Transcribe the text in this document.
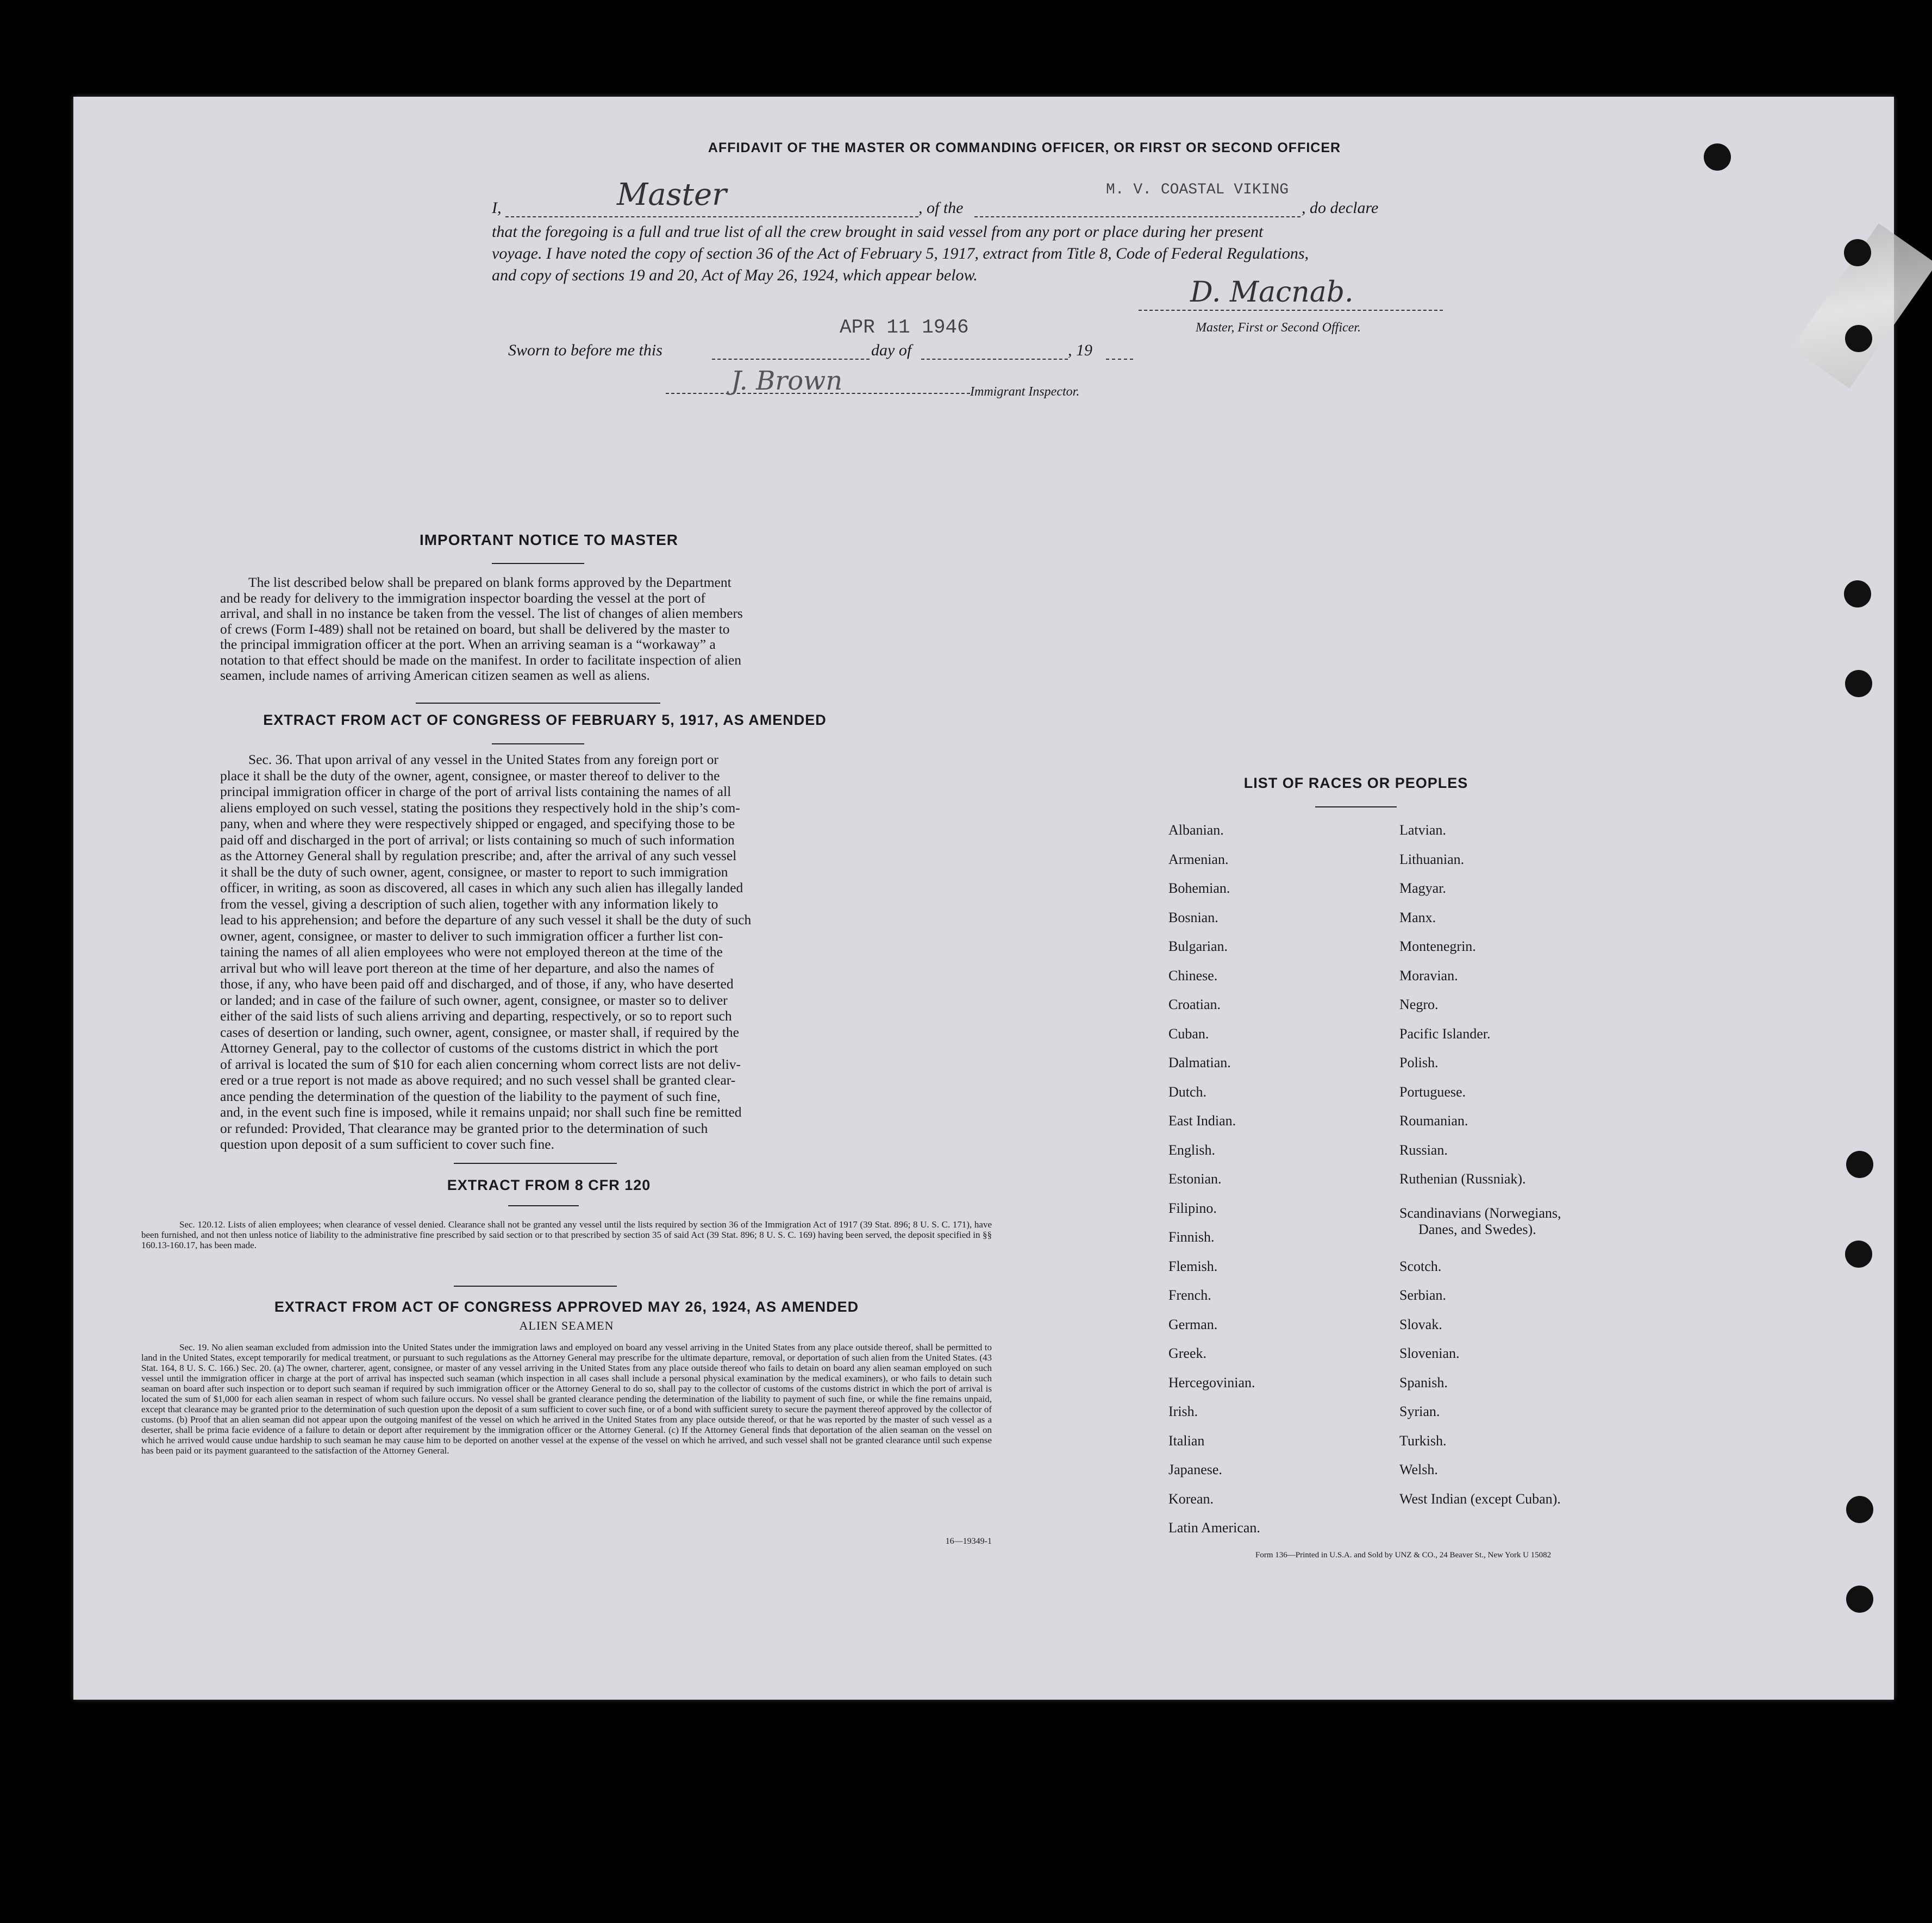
AFFIDAVIT OF THE MASTER OR COMMANDING OFFICER, OR FIRST OR SECOND OFFICER
I,	Master	, of the
M. V. COASTAL VIKING
, do declare
that the foregoing is a full and true list of all the crew brought in said vessel from any port or place during her present
voyage. I have noted the copy of section 36 of the Act of February 5, 1917, extract from Title 8, Code of Federal Regulations,
and copy of sections 19 and 20, Act of May 26, 1924, which appear below.
D. Macnab.
Master, First or Second Officer.
APR 11 1946
Sworn to before me this	day of	, 19
J. Brown	Immigrant Inspector.
IMPORTANT NOTICE TO MASTER
The list described below shall be prepared on blank forms approved by the Department
and be ready for delivery to the immigration inspector boarding the vessel at the port of
arrival, and shall in no instance be taken from the vessel. The list of changes of alien members
of crews (Form I-489) shall not be retained on board, but shall be delivered by the master to
the principal immigration officer at the port. When an arriving seaman is a “workaway” a
notation to that effect should be made on the manifest. In order to facilitate inspection of alien
seamen, include names of arriving American citizen seamen as well as aliens.
EXTRACT FROM ACT OF CONGRESS OF FEBRUARY 5, 1917, AS AMENDED
Sec. 36. That upon arrival of any vessel in the United States from any foreign port or
place it shall be the duty of the owner, agent, consignee, or master thereof to deliver to the
principal immigration officer in charge of the port of arrival lists containing the names of all
aliens employed on such vessel, stating the positions they respectively hold in the ship’s com-
pany, when and where they were respectively shipped or engaged, and specifying those to be
paid off and discharged in the port of arrival; or lists containing so much of such information
as the Attorney General shall by regulation prescribe; and, after the arrival of any such vessel
it shall be the duty of such owner, agent, consignee, or master to report to such immigration
officer, in writing, as soon as discovered, all cases in which any such alien has illegally landed
from the vessel, giving a description of such alien, together with any information likely to
lead to his apprehension; and before the departure of any such vessel it shall be the duty of such
owner, agent, consignee, or master to deliver to such immigration officer a further list con-
taining the names of all alien employees who were not employed thereon at the time of the
arrival but who will leave port thereon at the time of her departure, and also the names of
those, if any, who have been paid off and discharged, and of those, if any, who have deserted
or landed; and in case of the failure of such owner, agent, consignee, or master so to deliver
either of the said lists of such aliens arriving and departing, respectively, or so to report such
cases of desertion or landing, such owner, agent, consignee, or master shall, if required by the
Attorney General, pay to the collector of customs of the customs district in which the port
of arrival is located the sum of $10 for each alien concerning whom correct lists are not deliv-
ered or a true report is not made as above required; and no such vessel shall be granted clear-
ance pending the determination of the question of the liability to the payment of such fine,
and, in the event such fine is imposed, while it remains unpaid; nor shall such fine be remitted
or refunded: Provided, That clearance may be granted prior to the determination of such
question upon deposit of a sum sufficient to cover such fine.
EXTRACT FROM 8 CFR 120
Sec. 120.12. Lists of alien employees; when clearance of vessel denied. Clearance shall not be granted any vessel until the lists required by section 36 of the Immigration Act of 1917 (39 Stat. 896; 8 U. S. C. 171), have been furnished, and not then unless notice of liability to the administrative fine prescribed by said section or to that prescribed by section 35 of said Act (39 Stat. 896; 8 U. S. C. 169) having been served, the deposit specified in §§ 160.13-160.17, has been made.
EXTRACT FROM ACT OF CONGRESS APPROVED MAY 26, 1924, AS AMENDED
ALIEN SEAMEN
Sec. 19. No alien seaman excluded from admission into the United States under the immigration laws and employed on board any vessel arriving in the United States from any place outside thereof, shall be permitted to land in the United States, except temporarily for medical treatment, or pursuant to such regulations as the Attorney General may prescribe for the ultimate departure, removal, or deportation of such alien from the United States. (43 Stat. 164, 8 U. S. C. 166.) Sec. 20. (a) The owner, charterer, agent, consignee, or master of any vessel arriving in the United States from any place outside thereof who fails to detain on board any alien seaman employed on such vessel until the immigration officer in charge at the port of arrival has inspected such seaman (which inspection in all cases shall include a personal physical examination by the medical examiners), or who fails to detain such seaman on board after such inspection or to deport such seaman if required by such immigration officer or the Attorney General to do so, shall pay to the collector of customs of the customs district in which the port of arrival is located the sum of $1,000 for each alien seaman in respect of whom such failure occurs. No vessel shall be granted clearance pending the determination of the liability to payment of such fine, or while the fine remains unpaid, except that clearance may be granted prior to the determination of such question upon the deposit of a sum sufficient to cover such fine, or of a bond with sufficient surety to secure the payment thereof approved by the collector of customs. (b) Proof that an alien seaman did not appear upon the outgoing manifest of the vessel on which he arrived in the United States from any place outside thereof, or that he was reported by the master of such vessel as a deserter, shall be prima facie evidence of a failure to detain or deport after requirement by the immigration officer or the Attorney General. (c) If the Attorney General finds that deportation of the alien seaman on the vessel on which he arrived would cause undue hardship to such seaman he may cause him to be deported on another vessel at the expense of the vessel on which he arrived, and such vessel shall not be granted clearance until such expense has been paid or its payment guaranteed to the satisfaction of the Attorney General.
16—19349-1
LIST OF RACES OR PEOPLES
Albanian.
Armenian.
Bohemian.
Bosnian.
Bulgarian.
Chinese.
Croatian.
Cuban.
Dalmatian.
Dutch.
East Indian.
English.
Estonian.
Filipino.
Finnish.
Flemish.
French.
German.
Greek.
Hercegovinian.
Irish.
Italian
Japanese.
Korean.
Latin American.
Latvian.
Lithuanian.
Magyar.
Manx.
Montenegrin.
Moravian.
Negro.
Pacific Islander.
Polish.
Portuguese.
Roumanian.
Russian.
Ruthenian (Russniak).
Scandinavians (Norwegians,
Danes, and Swedes).
Scotch.
Serbian.
Slovak.
Slovenian.
Spanish.
Syrian.
Turkish.
Welsh.
West Indian (except Cuban).
Form 136—Printed in U.S.A. and Sold by UNZ & CO., 24 Beaver St., New York U 15082
